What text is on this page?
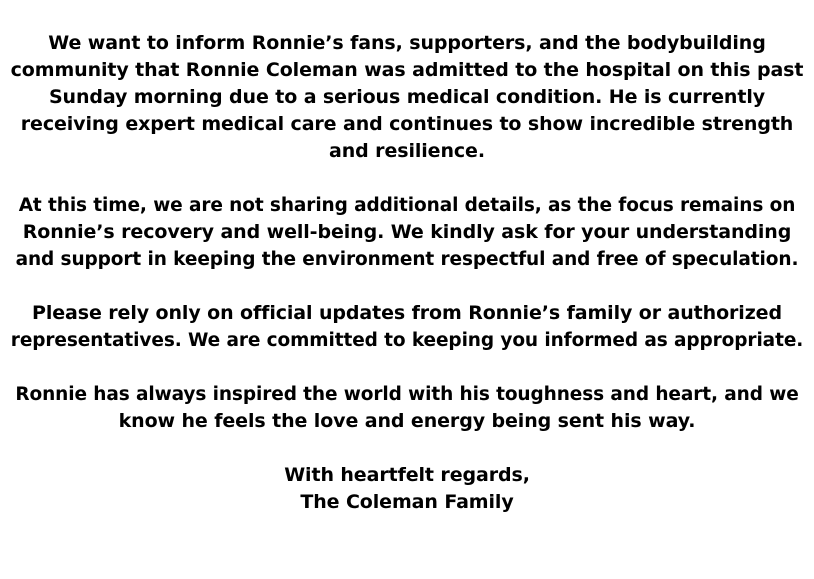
We want to inform Ronnie’s fans, supporters, and the bodybuilding
community that Ronnie Coleman was admitted to the hospital on this past
Sunday morning due to a serious medical condition. He is currently
receiving expert medical care and continues to show incredible strength
and resilience.

At this time, we are not sharing additional details, as the focus remains on
Ronnie’s recovery and well-being. We kindly ask for your understanding
and support in keeping the environment respectful and free of speculation.

Please rely only on official updates from Ronnie’s family or authorized
representatives. We are committed to keeping you informed as appropriate.

Ronnie has always inspired the world with his toughness and heart, and we
know he feels the love and energy being sent his way.

With heartfelt regards,
The Coleman Family
